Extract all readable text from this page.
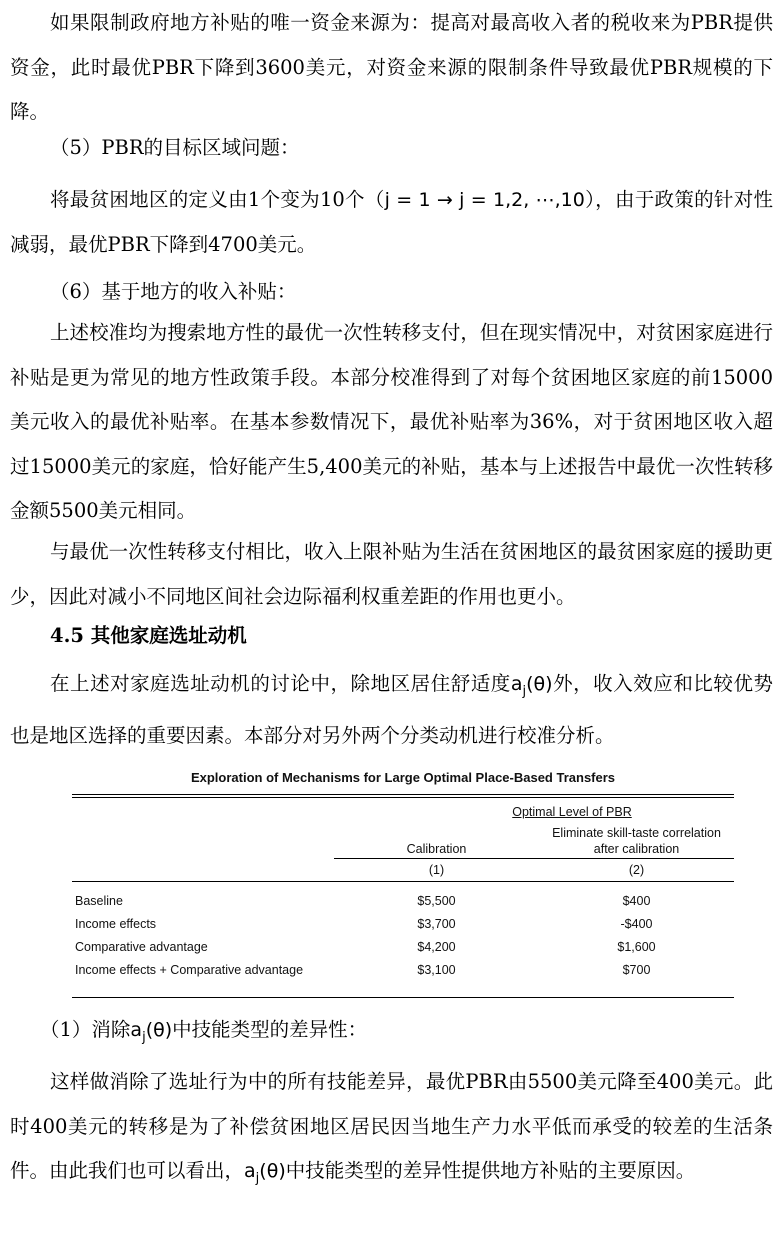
如果限制政府地方补贴的唯一资金来源为：提高对最高收入者的税收来为PBR提供资金，此时最优PBR下降到3600美元，对资金来源的限制条件导致最优PBR规模的下降。

（5）PBR的目标区域问题：

将最贫困地区的定义由1个变为10个（j = 1 → j = 1,2, ⋯,10），由于政策的针对性减弱，最优PBR下降到4700美元。

（6）基于地方的收入补贴：

上述校准均为搜索地方性的最优一次性转移支付，但在现实情况中，对贫困家庭进行补贴是更为常见的地方性政策手段。本部分校准得到了对每个贫困地区家庭的前15000美元收入的最优补贴率。在基本参数情况下，最优补贴率为36%，对于贫困地区收入超过15000美元的家庭，恰好能产生5,400美元的补贴，基本与上述报告中最优一次性转移金额5500美元相同。

与最优一次性转移支付相比，收入上限补贴为生活在贫困地区的最贫困家庭的援助更少，因此对减小不同地区间社会边际福利权重差距的作用也更小。

4.5 其他家庭选址动机

在上述对家庭选址动机的讨论中，除地区居住舒适度$a_j(\theta)$外，收入效应和比较优势也是地区选择的重要因素。本部分对另外两个分类动机进行校准分析。

Exploration of Mechanisms for Large Optimal Place-Based Transfers
Optimal Level of PBR
Calibration
Eliminate skill-taste correlation
after calibration
(1)	(2)
Baseline	$5,500	$400
Income effects	$3,700	-$400
Comparative advantage	$4,200	$1,600
Income effects + Comparative advantage	$3,100	$700

（1）消除$a_j(\theta)$中技能类型的差异性：

这样做消除了选址行为中的所有技能差异，最优PBR由5500美元降至400美元。此时400美元的转移是为了补偿贫困地区居民因当地生产力水平低而承受的较差的生活条件。由此我们也可以看出，$a_j(\theta)$中技能类型的差异性提供地方补贴的主要原因。
